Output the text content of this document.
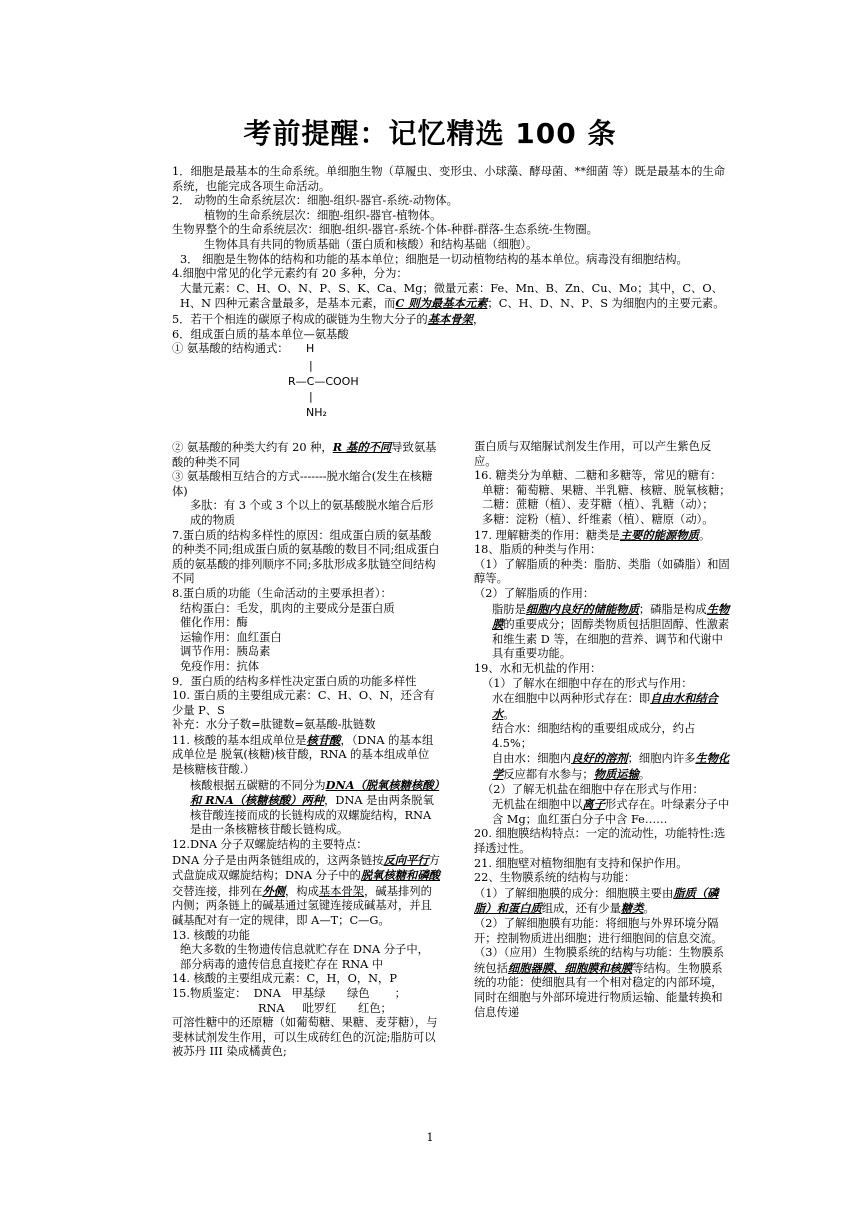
考前提醒：记忆精选 100 条

1．细胞是最基本的生命系统。单细胞生物（草履虫、变形虫、小球藻、酵母菌、**细菌 等）既是最基本的生命系统，也能完成各项生命活动。

2． 动物的生命系统层次：细胞-组织-器官-系统-动物体。

植物的生命系统层次：细胞-组织-器官-植物体。

生物界整个的生命系统层次：细胞-组织-器官-系统-个体-种群-群落-生态系统-生物圈。

生物体具有共同的物质基础（蛋白质和核酸）和结构基础（细胞）。

3． 细胞是生物体的结构和功能的基本单位；细胞是一切动植物结构的基本单位。病毒没有细胞结构。

4.细胞中常见的化学元素约有 20 多种，分为：

大量元素：C、H、O、N、P、S、K、Ca、Mg；微量元素：Fe、Mn、B、Zn、Cu、Mo；其中，C、O、H、N 四种元素含量最多，是基本元素，而C 则为最基本元素；C、H、D、N、P、S 为细胞内的主要元素。

5．若干个相连的碳原子构成的碳链为生物大分子的基本骨架，

6．组成蛋白质的基本单位—氨基酸

① 氨基酸的结构通式：	H
|
R—C—COOH
|
NH₂

② 氨基酸的种类大约有 20 种，R 基的不同导致氨基酸的种类不同

③ 氨基酸相互结合的方式-------脱水缩合(发生在核糖体)

多肽：有 3 个或 3 个以上的氨基酸脱水缩合后形成的物质

7.蛋白质的结构多样性的原因：组成蛋白质的氨基酸的种类不同;组成蛋白质的氨基酸的数目不同;组成蛋白质的氨基酸的排列顺序不同;多肽形成多肽链空间结构不同

8.蛋白质的功能（生命活动的主要承担者）：

结构蛋白：毛发，肌肉的主要成分是蛋白质

催化作用：酶

运输作用：血红蛋白

调节作用：胰岛素

免疫作用：抗体

9．蛋白质的结构多样性决定蛋白质的功能多样性

10. 蛋白质的主要组成元素：C、H、O、N，还含有少量 P、S

补充：水分子数=肽键数=氨基酸-肽链数

11. 核酸的基本组成单位是核苷酸，（DNA 的基本组成单位是 脱氧(核糖)核苷酸，RNA 的基本组成单位是核糖核苷酸.）

核酸根据五碳糖的不同分为DNA（脱氧核糖核酸）和 RNA（核糖核酸）两种，DNA 是由两条脱氧核苷酸连接而成的长链构成的双螺旋结构，RNA 是由一条核糖核苷酸长链构成。

12.DNA 分子双螺旋结构的主要特点：

DNA 分子是由两条链组成的，这两条链按反向平行方式盘旋成双螺旋结构；DNA 分子中的脱氧核糖和磷酸交替连接，排列在外侧，构成基本骨架，碱基排列的内侧；两条链上的碱基通过氢键连接成碱基对，并且碱基配对有一定的规律，即 A—T；C—G。

13. 核酸的功能

绝大多数的生物遗传信息就贮存在 DNA 分子中，部分病毒的遗传信息直接贮存在 RNA 中

14. 核酸的主要组成元素：C，H，O，N，P

15.物质鉴定：  DNA   甲基绿      绿色       ；

RNA     吡罗红      红色；

可溶性糖中的还原糖（如葡萄糖、果糖、麦芽糖），与斐林试剂发生作用，可以生成砖红色的沉淀;脂肪可以被苏丹 III 染成橘黄色;

蛋白质与双缩脲试剂发生作用，可以产生紫色反应。

16. 糖类分为单糖、二糖和多糖等，常见的糖有：

单糖：葡萄糖、果糖、半乳糖、核糖、脱氧核糖；

二糖：蔗糖（植）、麦芽糖（植）、乳糖（动）；

多糖：淀粉（植）、纤维素（植）、糖原（动）。

17. 理解糖类的作用：糖类是主要的能源物质。

18、脂质的种类与作用：

（1）了解脂质的种类：脂肪、类脂（如磷脂）和固醇等。

（2）了解脂质的作用：

脂肪是细胞内良好的储能物质；磷脂是构成生物膜的重要成分；固醇类物质包括胆固醇、性激素和维生素 D 等，在细胞的营养、调节和代谢中具有重要功能。

19、水和无机盐的作用：

（1）了解水在细胞中存在的形式与作用：

水在细胞中以两种形式存在：即自由水和结合水。

结合水：细胞结构的重要组成成分，约占 4.5%；

自由水：细胞内良好的溶剂；细胞内许多生物化学反应都有水参与；物质运输。

（2）了解无机盐在细胞中存在形式与作用：

无机盐在细胞中以离子形式存在。叶绿素分子中含 Mg；血红蛋白分子中含 Fe……

20. 细胞膜结构特点：一定的流动性，功能特性:选择透过性。

21. 细胞壁对植物细胞有支持和保护作用。

22、生物膜系统的结构与功能：

（1）了解细胞膜的成分：细胞膜主要由脂质（磷脂）和蛋白质组成，还有少量糖类。

（2）了解细胞膜有功能：将细胞与外界环境分隔开；控制物质进出细胞；进行细胞间的信息交流。

（3）（应用）生物膜系统的结构与功能：生物膜系统包括细胞器膜、细胞膜和核膜等结构。生物膜系统的功能：使细胞具有一个相对稳定的内部环境，同时在细胞与外部环境进行物质运输、能量转换和信息传递

1
